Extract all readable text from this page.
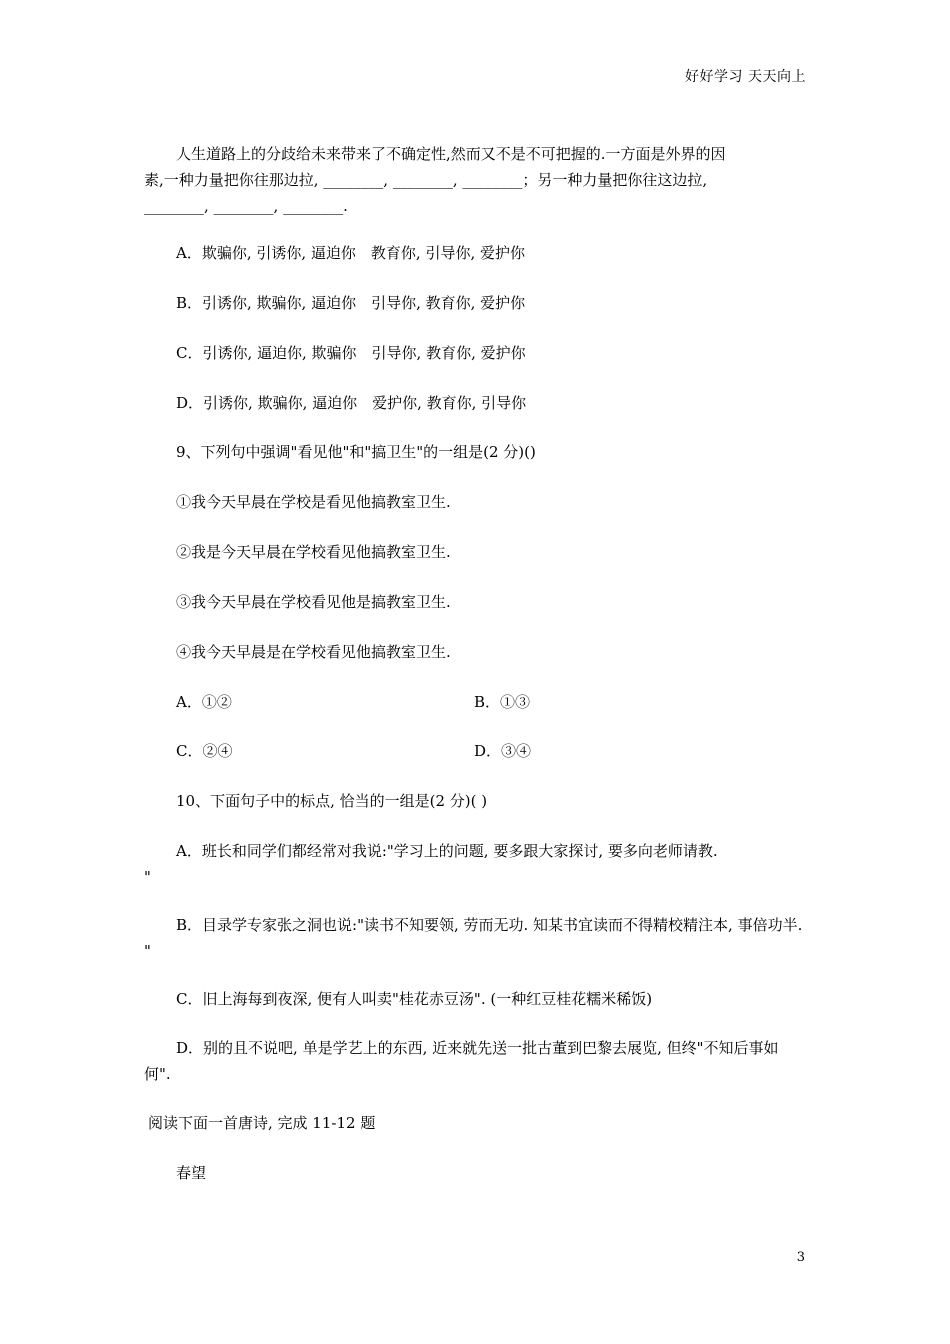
好好学习 天天向上
人生道路上的分歧给未来带来了不确定性,然而又不是不可把握的.一方面是外界的因
素,一种力量把你往那边拉, ________, ________, ________；另一种力量把你往这边拉,
________, ________, ________.
A．欺骗你, 引诱你, 逼迫你　教育你, 引导你, 爱护你
B．引诱你, 欺骗你, 逼迫你　引导你, 教育你, 爱护你
C．引诱你, 逼迫你, 欺骗你　引导你, 教育你, 爱护你
D．引诱你, 欺骗你, 逼迫你　爱护你, 教育你, 引导你
9、下列句中强调"看见他"和"搞卫生"的一组是(2 分)()
①我今天早晨在学校是看见他搞教室卫生.
②我是今天早晨在学校看见他搞教室卫生.
③我今天早晨在学校看见他是搞教室卫生.
④我今天早晨是在学校看见他搞教室卫生.
A．①②	B．①③
C．②④	D．③④
10、下面句子中的标点, 恰当的一组是(2 分)( )
A．班长和同学们都经常对我说:"学习上的问题, 要多跟大家探讨, 要多向老师请教.
"
B．目录学专家张之洞也说:"读书不知要领, 劳而无功. 知某书宜读而不得精校精注本, 事倍功半. "
C．旧上海每到夜深, 便有人叫卖"桂花赤豆汤". (一种红豆桂花糯米稀饭)
D．别的且不说吧, 单是学艺上的东西, 近来就先送一批古董到巴黎去展览, 但终"不知后事如何".
阅读下面一首唐诗, 完成 11-12 题
春望
3
